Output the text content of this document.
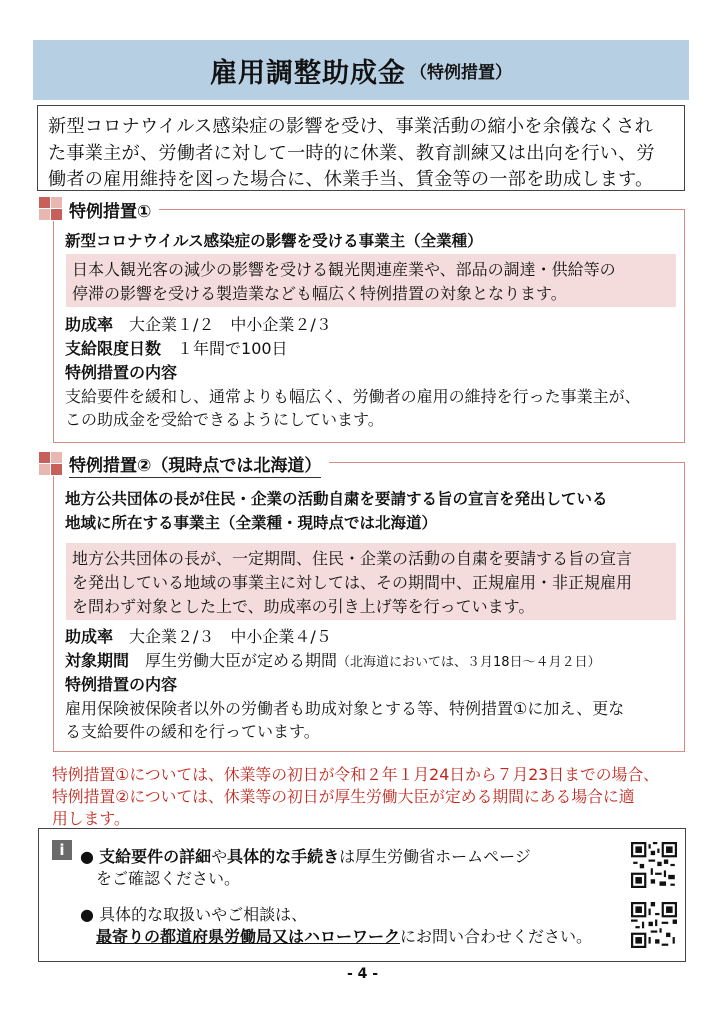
雇用調整助成金 （特例措置）
新型コロナウイルス感染症の影響を受け、事業活動の縮小を余儀なくされ
た事業主が、労働者に対して一時的に休業、教育訓練又は出向を行い、労
働者の雇用維持を図った場合に、休業手当、賃金等の一部を助成します。
特例措置①
新型コロナウイルス感染症の影響を受ける事業主（全業種）
日本人観光客の減少の影響を受ける観光関連産業や、部品の調達・供給等の
停滞の影響を受ける製造業なども幅広く特例措置の対象となります。
助成率 大企業１/２　中小企業２/３
支給限度日数 １年間で100日
特例措置の内容
支給要件を緩和し、通常よりも幅広く、労働者の雇用の維持を行った事業主が、
この助成金を受給できるようにしています。
特例措置②（現時点では北海道）
地方公共団体の長が住民・企業の活動自粛を要請する旨の宣言を発出している
地域に所在する事業主（全業種・現時点では北海道）
地方公共団体の長が、一定期間、住民・企業の活動の自粛を要請する旨の宣言
を発出している地域の事業主に対しては、その期間中、正規雇用・非正規雇用
を問わず対象とした上で、助成率の引き上げ等を行っています。
助成率 大企業２/３　中小企業４/５
対象期間 厚生労働大臣が定める期間（北海道においては、３月18日～４月２日）
特例措置の内容
雇用保険被保険者以外の労働者も助成対象とする等、特例措置①に加え、更な
る支給要件の緩和を行っています。
特例措置①については、休業等の初日が令和２年１月24日から７月23日までの場合、
特例措置②については、休業等の初日が厚生労働大臣が定める期間にある場合に適
用します。
i ● 支給要件の詳細や具体的な手続きは厚生労働省ホームページ
をご確認ください。
● 具体的な取扱いやご相談は、
最寄りの都道府県労働局又はハローワークにお問い合わせください。
- 4 -
